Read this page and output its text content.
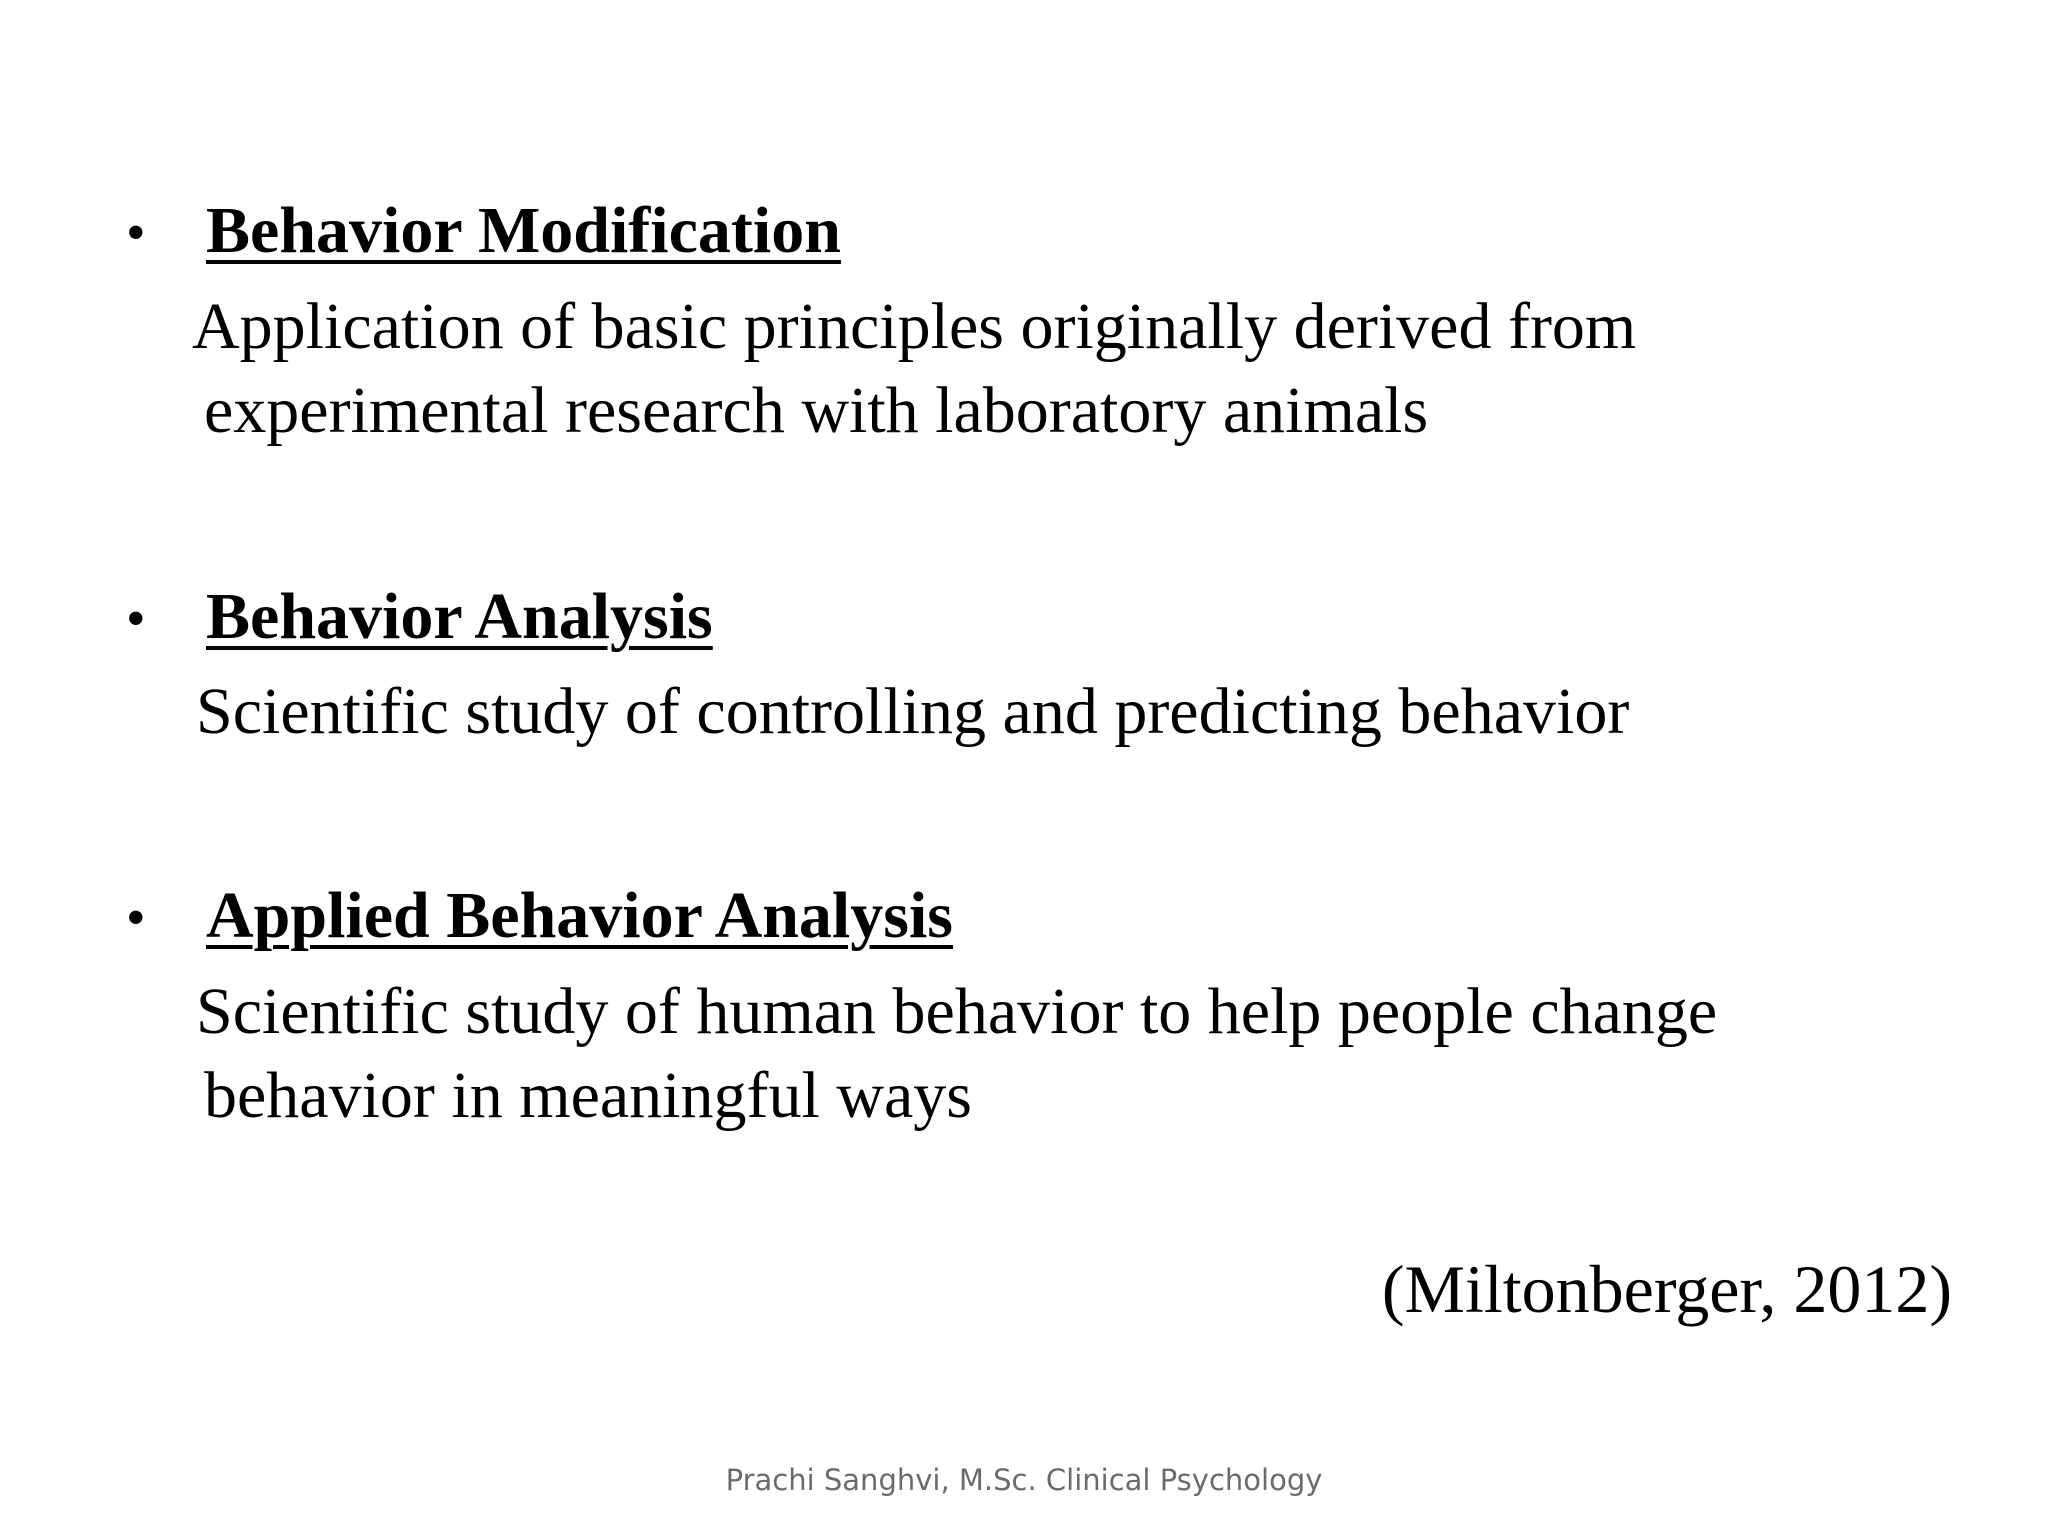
• Behavior Modification
Application of basic principles originally derived from
experimental research with laboratory animals
• Behavior Analysis
Scientific study of controlling and predicting behavior
• Applied Behavior Analysis
Scientific study of human behavior to help people change
behavior in meaningful ways
(Miltonberger, 2012)
Prachi Sanghvi, M.Sc. Clinical Psychology
